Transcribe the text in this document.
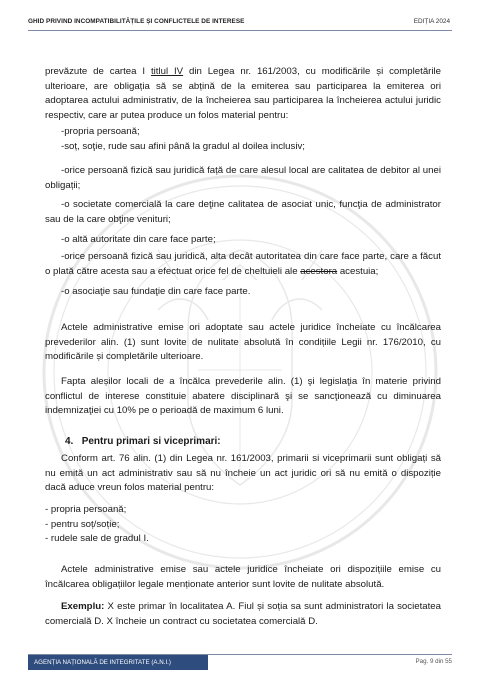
GHID PRIVIND INCOMPATIBILITĂȚILE ȘI CONFLICTELE DE INTERESE	EDIȚIA 2024
prevăzute de cartea I titlul IV din Legea nr. 161/2003, cu modificările și completările ulterioare, are obligația să se abțină de la emiterea sau participarea la emiterea ori adoptarea actului administrativ, de la încheierea sau participarea la încheierea actului juridic respectiv, care ar putea produce un folos material pentru:
-propria persoană;
-soț, soţie, rude sau afini până la gradul al doilea inclusiv;
-orice persoană fizică sau juridică față de care alesul local are calitatea de debitor al unei obligații;
-o societate comercială la care deţine calitatea de asociat unic, funcţia de administrator sau de la care obţine venituri;
-o altă autoritate din care face parte;
-orice persoană fizică sau juridică, alta decât autoritatea din care face parte, care a făcut o plată către acesta sau a efectuat orice fel de cheltuieli ale acestora acestuia;
-o asociaţie sau fundaţie din care face parte.
Actele administrative emise ori adoptate sau actele juridice încheiate cu încălcarea prevederilor alin. (1) sunt lovite de nulitate absolută în condițiile Legii nr. 176/2010, cu modificările și completările ulterioare.
Fapta aleșilor locali de a încălca prevederile alin. (1) şi legislaţia în materie privind conflictul de interese constituie abatere disciplinară şi se sancţionează cu diminuarea indemnizaţiei cu 10% pe o perioadă de maximum 6 luni.
4. Pentru primari si viceprimari:
Conform art. 76 alin. (1) din Legea nr. 161/2003, primarii si viceprimarii sunt obligați să nu emită un act administrativ sau să nu încheie un act juridic ori să nu emită o dispoziție dacă aduce vreun folos material pentru:
- propria persoană;
- pentru soț/soție;
- rudele sale de gradul I.
Actele administrative emise sau actele juridice încheiate ori dispozițiile emise cu încălcarea obligațiilor legale menționate anterior sunt lovite de nulitate absolută.
Exemplu: X este primar în localitatea A. Fiul și soția sa sunt administratori la societatea comercială D. X încheie un contract cu societatea comercială D.
AGENȚIA NAȚIONALĂ DE INTEGRITATE (A.N.I.)	Pag. 9 din 55
